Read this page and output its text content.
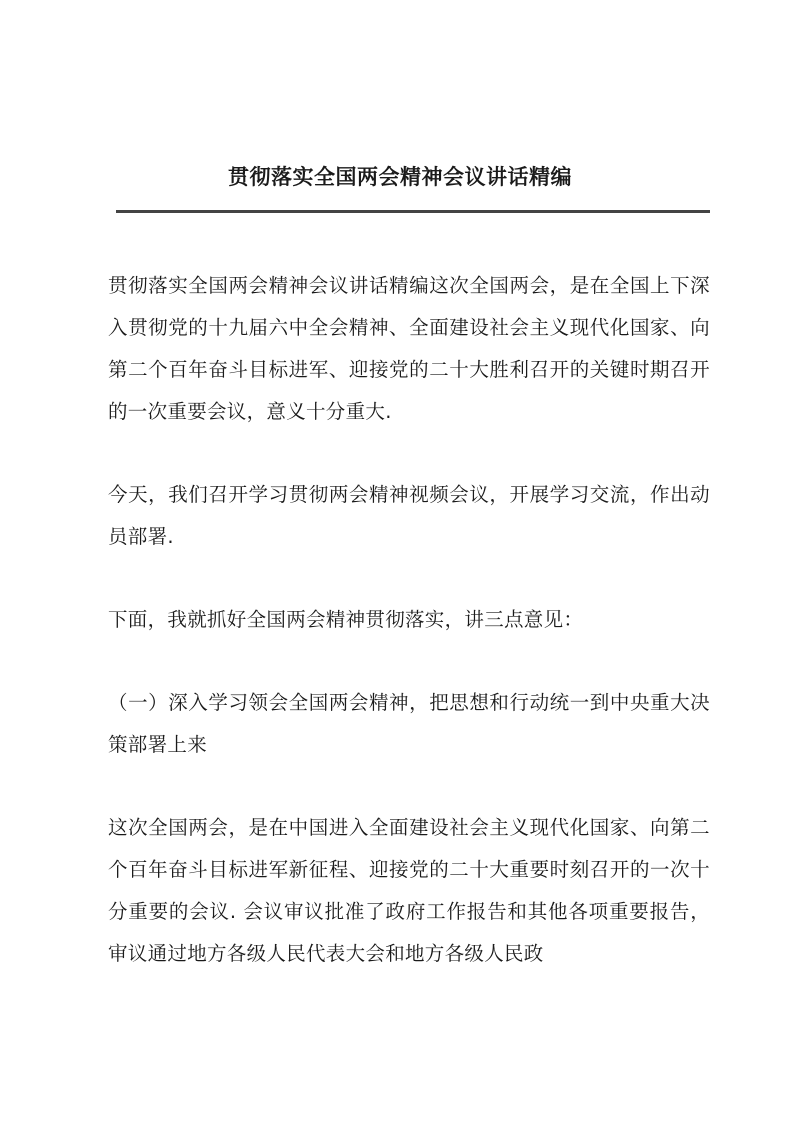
贯彻落实全国两会精神会议讲话精编

贯彻落实全国两会精神会议讲话精编这次全国两会，是在全国上下深入贯彻党的十九届六中全会精神、全面建设社会主义现代化国家、向第二个百年奋斗目标进军、迎接党的二十大胜利召开的关键时期召开的一次重要会议，意义十分重大.

今天，我们召开学习贯彻两会精神视频会议，开展学习交流，作出动员部署.

下面，我就抓好全国两会精神贯彻落实，讲三点意见：

（一）深入学习领会全国两会精神，把思想和行动统一到中央重大决策部署上来

这次全国两会，是在中国进入全面建设社会主义现代化国家、向第二个百年奋斗目标进军新征程、迎接党的二十大重要时刻召开的一次十分重要的会议. 会议审议批准了政府工作报告和其他各项重要报告，审议通过地方各级人民代表大会和地方各级人民政
